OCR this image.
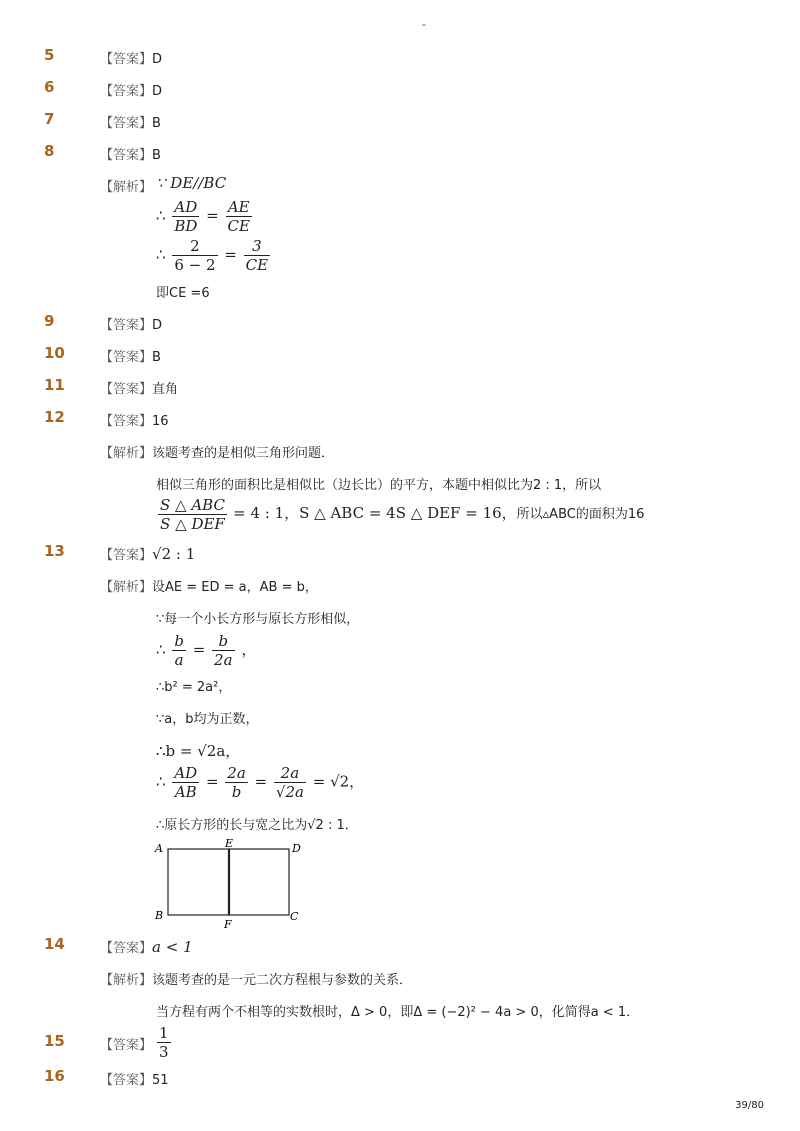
-
5	【答案】D
6	【答案】D
7	【答案】B
8	【答案】B
【解析】 ∵ DE//BC
∴ $\frac{AD}{BD} = \frac{AE}{CE}$
∴ $\frac{2}{6 - 2} = \frac{3}{CE}$
即CE =6
9	【答案】D
10	【答案】B
11	【答案】直角
12	【答案】16
【解析】该题考查的是相似三角形问题．
相似三角形的面积比是相似比（边长比）的平方，本题中相似比为2 : 1，所以
$\frac{\text{S △ ABC}}{\text{S △ DEF}} = 4$ : 1，S △ ABC = 4S △ DEF = 16，所以▵ABC的面积为16
13	【答案】√2 : 1
【解析】设AE = ED = a，AB = b，
∵每一个小长方形与原长方形相似，
∴ $\frac{b}{a} = \frac{b}{2a}$ ，
∴b² = 2a²，
∵a，b均为正数，
∴b = √2a，
∴ $\frac{AD}{AB} = \frac{2a}{b} = \frac{2a}{√2a} = √2$，
∴原长方形的长与宽之比为√2 : 1．
A	E	D
B
F
C
14	【答案】a < 1
【解析】该题考查的是一元二次方程根与参数的关系．
当方程有两个不相等的实数根时，Δ > 0，即Δ = (−2)² − 4a > 0，化简得a < 1．
15	【答案】 $\frac{1}{3}$
16	【答案】51
39/80
